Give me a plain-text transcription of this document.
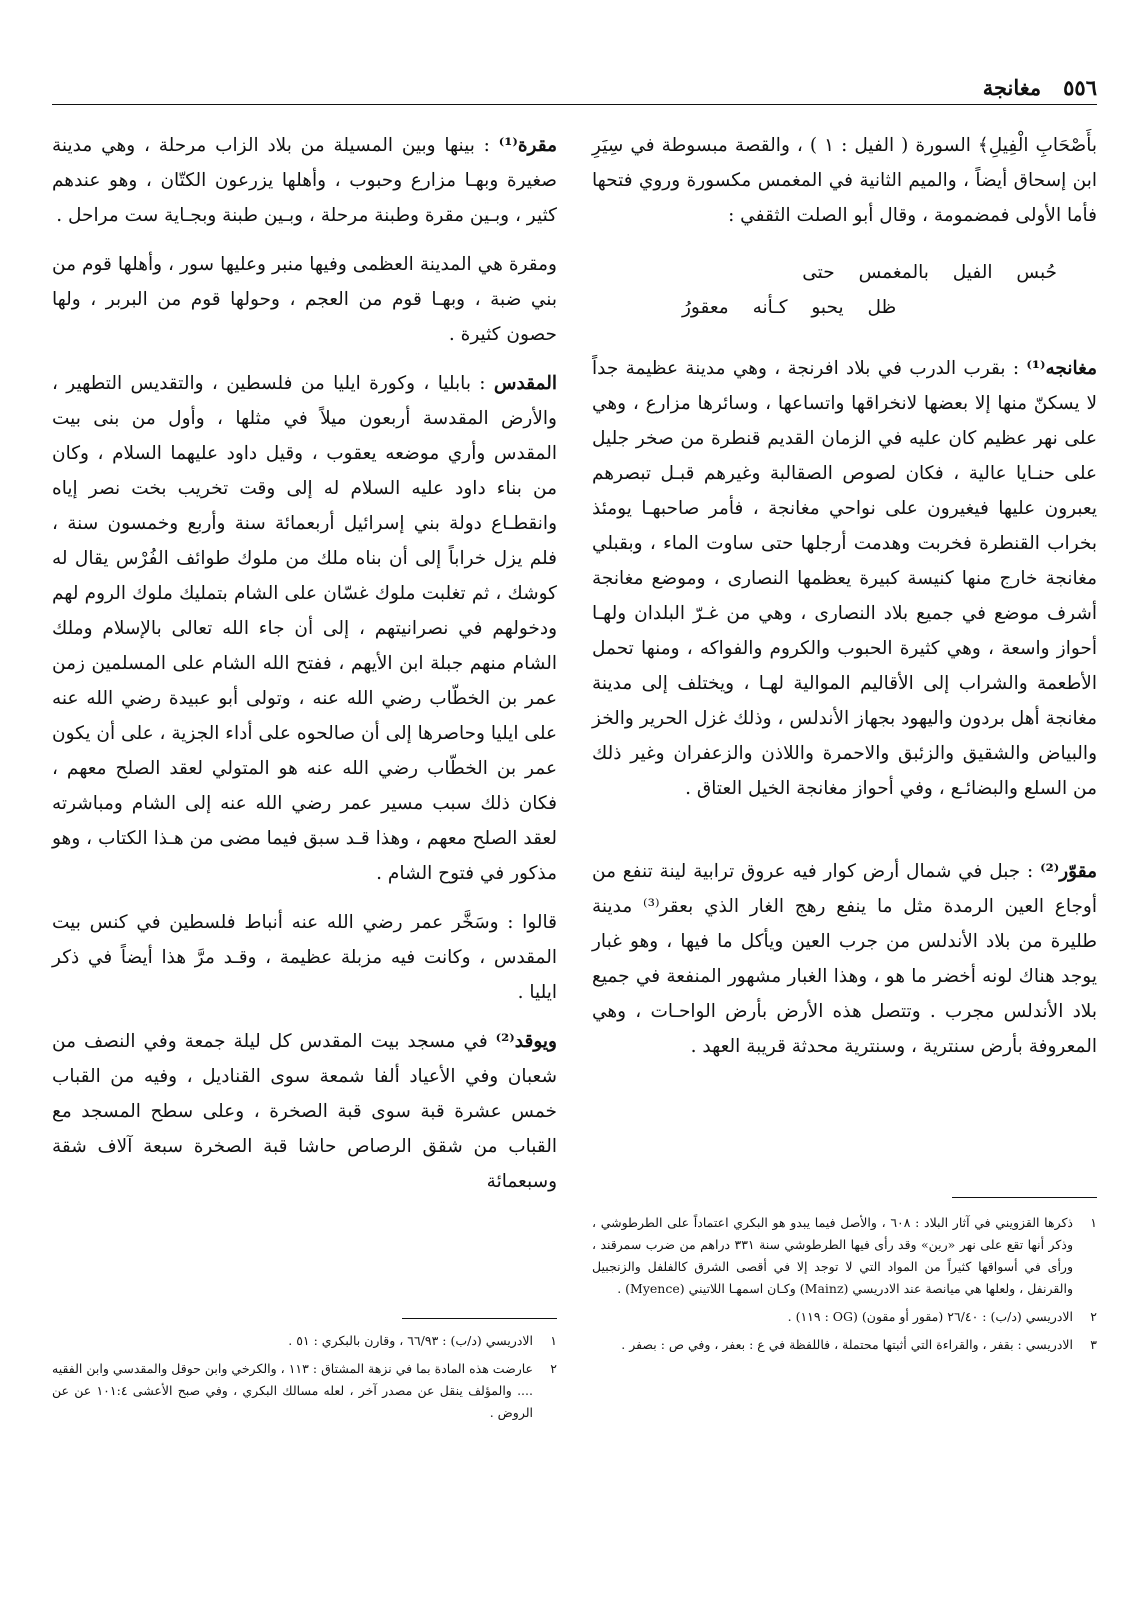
٥٥٦
مغانجة

بأَصْحَابِ الْفِيلِ﴾ السورة ( الفيل : ١ ) ، والقصة مبسوطة في سِيَرِ ابن إسحاق أيضاً ، والميم الثانية في المغمس مكسورة وروي فتحها فأما الأولى فمضمومة ، وقال أبو الصلت الثقفي :

حُبس الفيل بالمغمس حتى
ظل يحبو كـأنه معقورُ

مغانجه⁽¹⁾ : بقرب الدرب في بلاد افرنجة ، وهي مدينة عظيمة جداً لا يسكنّ منها إلا بعضها لانخراقها واتساعها ، وسائرها مزارع ، وهي على نهر عظيم كان عليه في الزمان القديم قنطرة من صخر جليل على حنـايا عالية ، فكان لصوص الصقالبة وغيرهم قبـل تبصرهم يعبرون عليها فيغيرون على نواحي مغانجة ، فأمر صاحبهـا يومئذ بخراب القنطرة فخربت وهدمت أرجلها حتى ساوت الماء ، وبقبلي مغانجة خارج منها كنيسة كبيرة يعظمها النصارى ، وموضع مغانجة أشرف موضع في جميع بلاد النصارى ، وهي من غـرّ البلدان ولهـا أحواز واسعة ، وهي كثيرة الحبوب والكروم والفواكه ، ومنها تحمل الأطعمة والشراب إلى الأقاليم الموالية لهـا ، ويختلف إلى مدينة مغانجة أهل بردون واليهود بجهاز الأندلس ، وذلك غزل الحرير والخز والبياض والشقيق والزئبق والاحمرة واللاذن والزعفران وغير ذلك من السلع والبضائـع ، وفي أحواز مغانجة الخيل العتاق .

مقوّر⁽²⁾ : جبل في شمال أرض كوار فيه عروق ترابية لينة تنفع من أوجاع العين الرمدة مثل ما ينفع رهج الغار الذي بعقر⁽³⁾ مدينة طليرة من بلاد الأندلس من جرب العين ويأكل ما فيها ، وهو غبار يوجد هناك لونه أخضر ما هو ، وهذا الغبار مشهور المنفعة في جميع بلاد الأندلس مجرب . وتتصل هذه الأرض بأرض الواحـات ، وهي المعروفة بأرض سنترية ، وسنترية محدثة قريبة العهد .

مقرة⁽¹⁾ : بينها وبين المسيلة من بلاد الزاب مرحلة ، وهي مدينة صغيرة وبهـا مزارع وحبوب ، وأهلها يزرعون الكتّان ، وهو عندهم كثير ، وبـين مقرة وطبنة مرحلة ، وبـين طبنة وبجـاية ست مراحل .

ومقرة هي المدينة العظمى وفيها منبر وعليها سور ، وأهلها قوم من بني ضبة ، وبهـا قوم من العجم ، وحولها قوم من البربر ، ولها حصون كثيرة .

المقدس : بابليا ، وكورة ايليا من فلسطين ، والتقديس التطهير ، والأرض المقدسة أربعون ميلاً في مثلها ، وأول من بنى بيت المقدس وأري موضعه يعقوب ، وقيل داود عليهما السلام ، وكان من بناء داود عليه السلام له إلى وقت تخريب بخت نصر إياه وانقطـاع دولة بني إسرائيل أربعمائة سنة وأربع وخمسون سنة ، فلم يزل خراباً إلى أن بناه ملك من ملوك طوائف الفُرْس يقال له كوشك ، ثم تغلبت ملوك غسّان على الشام بتمليك ملوك الروم لهم ودخولهم في نصرانيتهم ، إلى أن جاء الله تعالى بالإسلام وملك الشام منهم جبلة ابن الأيهم ، ففتح الله الشام على المسلمين زمن عمر بن الخطّاب رضي الله عنه ، وتولى أبو عبيدة رضي الله عنه على ايليا وحاصرها إلى أن صالحوه على أداء الجزية ، على أن يكون عمر بن الخطّاب رضي الله عنه هو المتولي لعقد الصلح معهم ، فكان ذلك سبب مسير عمر رضي الله عنه إلى الشام ومباشرته لعقد الصلح معهم ، وهذا قـد سبق فيما مضى من هـذا الكتاب ، وهو مذكور في فتوح الشام .

قالوا : وسَخَّر عمر رضي الله عنه أنباط فلسطين في كنس بيت المقدس ، وكانت فيه مزبلة عظيمة ، وقـد مرَّ هذا أيضاً في ذكر ايليا .

ويوقد⁽²⁾ في مسجد بيت المقدس كل ليلة جمعة وفي النصف من شعبان وفي الأعياد ألفا شمعة سوى القناديل ، وفيه من القباب خمس عشرة قبة سوى قبة الصخرة ، وعلى سطح المسجد مع القباب من شقق الرصاص حاشا قبة الصخرة سبعة آلاف شقة وسبعمائة

١
ذكرها القزويني في آثار البلاد : ٦٠٨ ، والأصل فيما يبدو هو البكري اعتماداً على الطرطوشي ، وذكر أنها تقع على نهر «رين» وقد رأى فيها الطرطوشي سنة ٣٣١ دراهم من ضرب سمرقند ، ورأى في أسواقها كثيراً من المواد التي لا توجد إلا في أقصى الشرق كالفلفل والزنجبيل والقرنفل ، ولعلها هي ميانصة عند الادريسي (Mainz) وكـان اسمهـا اللاتيني (Myence) .
٢
الادريسي (د/ب) : ٢٦/٤٠ (مقور أو مقون) (OG : ١١٩) .
٣
الادريسي : بقفر ، والقراءة التي أثبتها محتملة ، فاللفظة في ع : بعفر ، وفي ص : بصفر .
١
الادريسي (د/ب) : ٦٦/٩٣ ، وقارن بالبكري : ٥١ .
٢
عارضت هذه المادة بما في نزهة المشتاق : ١١٣ ، والكرخي وابن حوقل والمقدسي وابن الفقيه .... والمؤلف ينقل عن مصدر آخر ، لعله مسالك البكري ، وفي صبح الأعشى ١٠١:٤ عن عن الروض .
